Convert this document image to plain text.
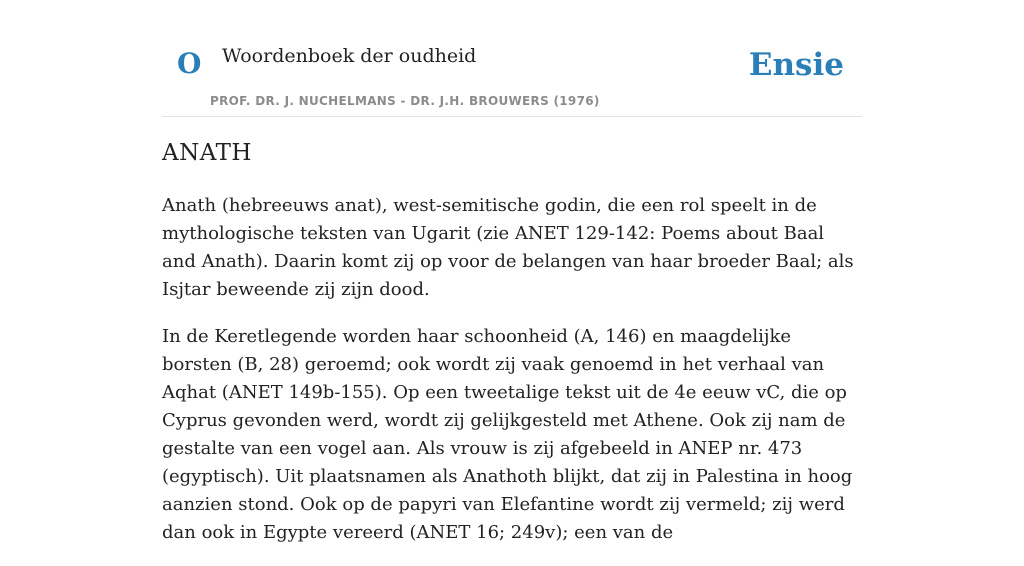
O Woordenboek der oudheid
PROF. DR. J. NUCHELMANS - DR. J.H. BROUWERS (1976)
Ensie
ANATH

Anath (hebreeuws anat), west-semitische godin, die een rol speelt in de mythologische teksten van Ugarit (zie ANET 129-142: Poems about Baal and Anath). Daarin komt zij op voor de belangen van haar broeder Baal; als Isjtar beweende zij zijn dood.

In de Keretlegende worden haar schoonheid (A, 146) en maagdelijke borsten (B, 28) geroemd; ook wordt zij vaak genoemd in het verhaal van Aqhat (ANET 149b-155). Op een tweetalige tekst uit de 4e eeuw vC, die op Cyprus gevonden werd, wordt zij gelijkgesteld met Athene. Ook zij nam de gestalte van een vogel aan. Als vrouw is zij afgebeeld in ANEP nr. 473 (egyptisch). Uit plaatsnamen als Anathoth blijkt, dat zij in Palestina in hoog aanzien stond. Ook op de papyri van Elefantine wordt zij vermeld; zij werd dan ook in Egypte vereerd (ANET 16; 249v); een van de
